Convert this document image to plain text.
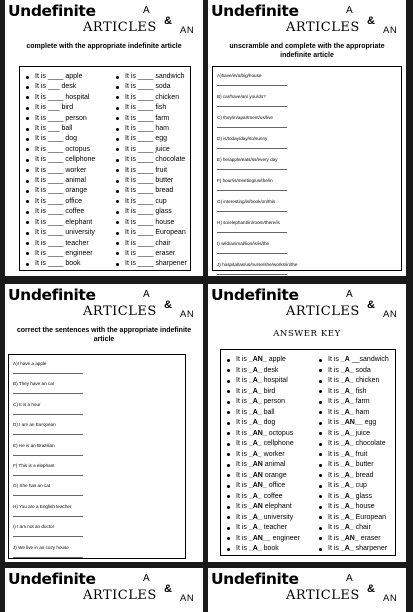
Undefinite
ARTICLES
A
&
AN
complete with the appropriate indefinite article
It is ____ apple
It is ___ desk
It is ____ hospital
It is ___ bird
It is ____ person
It is ___ ball
It is ____ dog
It is ____ octopus
It is ____ cellphone
It is ____ worker
It is ____ animal
It is ____ orange
It is ____ office
It is ____ coffee
It is ____ elephant
It is ____ university
It is ____ teacher
It is ____ engineer
It is ____ book
It is ____ sandwich
It is ____ soda
It is ____ chicken
It is ____ fish
It is ____ farm
It is ____ ham
It is ____ egg
It is ____ juice
It is ____ chocolate
It is ____ fruit
It is ____ butter
It is ____ bread
It is ____ cup
It is ____ glass
It is ____ house
It is ____ European
It is ____ chair
It is ____ eraser
It is ____ sharpener
Undefinite
ARTICLES
A
&
AN
unscramble and complete with the appropriate indefinite article
A)have/in/a/big/house
B) car/have/an/ you/do?
C) they/in/apartment/us/live
D) is/today/day/so/sunny
E) he/apple/eats/ss/every day
F) hour/is/meeting/us/the/in
G) interesting/is/book/on/this
H) so/elephant/in/room/there/is
I) wild/animal/lion/is/is/the
J) hospital/as/us/nurse/she/works/in/the
Undefinite
ARTICLES
A
&
AN
correct the sentences with the appropriate indefinite article
A)I have a apple
B) They have an car
C) It is a hour
D) I am an European
E) He is an Brazilian
F) This is a elephant
G) She has an cat
H) You are a English teacher
I) I am not an doctor
J) We live in an cozy house
Undefinite
ARTICLES
A
&
AN
ANSWER KEY
It is _AN_ apple
It is _A_ desk
It is _A_ hospital
It is _A_ bird
It is _A_ person
It is _A_ ball
It is _A_ dog
It is _AN_ octopus
It is _A_ cellphone
It is _A_ worker
It is _AN animal
It is _AN orange
It is _AN_ office
It is _A_ coffee
It is _AN elephant
It is _A_ university
It is _A_ teacher
It is _AN__ engineer
It is _A_ book
It is _A __sandwich
It is _A_ soda
It is _A_ chicken
It is _A_ fish
It is _A_ farm
It is _A_ ham
It is _AN__ egg
It is _A_ juice
It is _A_ chocolate
It is _A_ fruit
It is _A_ butter
It is _A_ bread
It is _A_ cup
It is _A_ glass
It is _A_ house
It is _A_ European
It is _A_ chair
It is _AN_ eraser
It is _A_ sharpener
Undefinite
ARTICLES
A
&
AN
Undefinite
ARTICLES
A
&
AN
